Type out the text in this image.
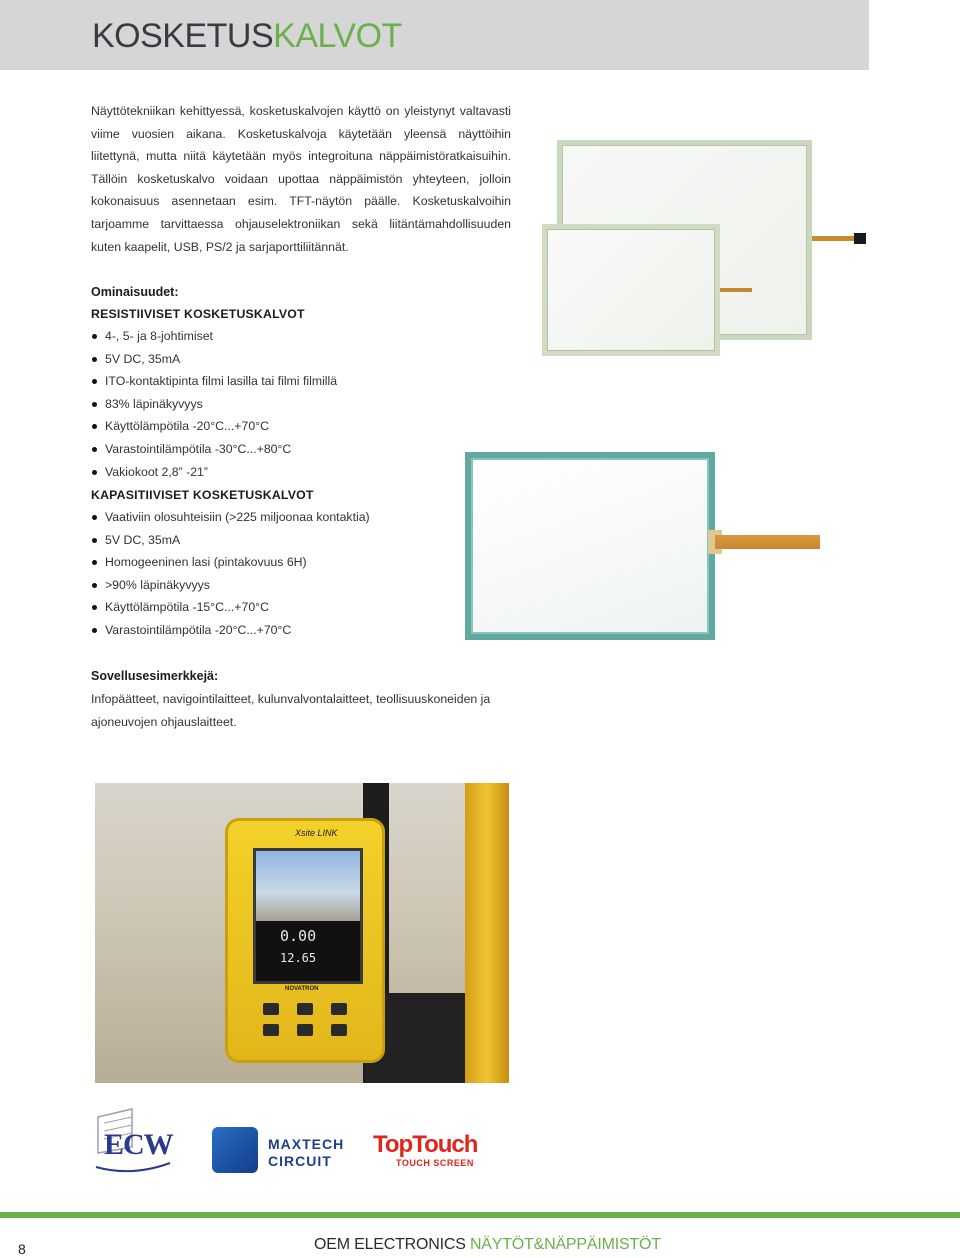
KOSKETUSKALVOT

Näyttötekniikan kehittyessä, kosketuskalvojen käyttö on yleistynyt valtavasti viime vuosien aikana. Kosketuskalvoja käytetään yleensä näyttöihin liitettynä, mutta niitä käytetään myös integroituna näppäimistöratkaisuihin. Tällöin kosketuskalvo voidaan upottaa näppäimistön yhteyteen, jolloin kokonaisuus asennetaan esim. TFT-näytön päälle. Kosketuskalvoihin tarjoamme tarvittaessa ohjauselektroniikan sekä liitäntämahdollisuuden kuten kaapelit, USB, PS/2 ja sarjaporttiliitännät.

Ominaisuudet:
RESISTIIVISET KOSKETUSKALVOT
4-, 5- ja 8-johtimiset
5V DC, 35mA
ITO-kontaktipinta filmi lasilla tai filmi filmillä
83% läpinäkyvyys
Käyttölämpötila -20°C...+70°C
Varastointilämpötila -30°C...+80°C
Vakiokoot 2,8” -21”
KAPASITIIVISET KOSKETUSKALVOT
Vaativiin olosuhteisiin (>225 miljoonaa kontaktia)
5V DC, 35mA
Homogeeninen lasi (pintakovuus 6H)
>90% läpinäkyvyys
Käyttölämpötila -15°C...+70°C
Varastointilämpötila -20°C...+70°C
Sovellusesimerkkejä:

Infopäätteet, navigointilaitteet, kulunvalvontalaitteet, teollisuuskoneiden ja ajoneuvojen ohjauslaitteet.

Xsite LINK
0.00
12.65
NOVATRON
ECW	MAXTECH
CIRCUIT
TopTouch
TOUCH SCREEN
8	OEM ELECTRONICS NÄYTÖT&NÄPPÄIMISTÖT
